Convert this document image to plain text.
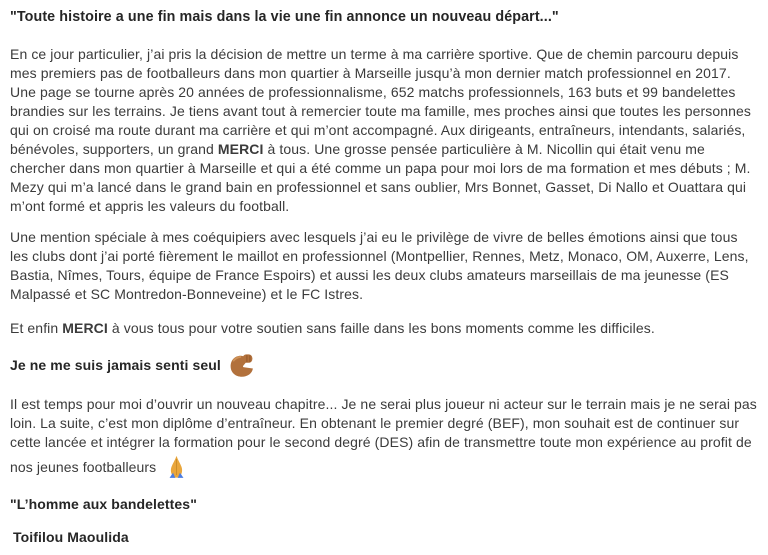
"Toute histoire a une fin mais dans la vie une fin annonce un nouveau départ..."

En ce jour particulier, j’ai pris la décision de mettre un terme à ma carrière sportive. Que de chemin parcouru depuis mes premiers pas de footballeurs dans mon quartier à Marseille jusqu’à mon dernier match professionnel en 2017. Une page se tourne après 20 années de professionnalisme, 652 matchs professionnels, 163 buts et 99 bandelettes brandies sur les terrains. Je tiens avant tout à remercier toute ma famille, mes proches ainsi que toutes les personnes qui on croisé ma route durant ma carrière et qui m’ont accompagné. Aux dirigeants, entraîneurs, intendants, salariés, bénévoles, supporters, un grand MERCI à tous. Une grosse pensée particulière à M. Nicollin qui était venu me chercher dans mon quartier à Marseille et qui a été comme un papa pour moi lors de ma formation et mes débuts ; M. Mezy qui m’a lancé dans le grand bain en professionnel et sans oublier, Mrs Bonnet, Gasset, Di Nallo et Ouattara qui m’ont formé et appris les valeurs du football.

Une mention spéciale à mes coéquipiers avec lesquels j’ai eu le privilège de vivre de belles émotions ainsi que tous les clubs dont j’ai porté fièrement le maillot en professionnel (Montpellier, Rennes, Metz, Monaco, OM, Auxerre, Lens, Bastia, Nîmes, Tours, équipe de France Espoirs) et aussi les deux clubs amateurs marseillais de ma jeunesse (ES Malpassé et SC Montredon-Bonneveine) et le FC Istres.

Et enfin MERCI à vous tous pour votre soutien sans faille dans les bons moments comme les difficiles.

Je ne me suis jamais senti seul

Il est temps pour moi d’ouvrir un nouveau chapitre... Je ne serai plus joueur ni acteur sur le terrain mais je ne serai pas loin. La suite, c’est mon diplôme d’entraîneur. En obtenant le premier degré (BEF), mon souhait est de continuer sur cette lancée et intégrer la formation pour le second degré (DES) afin de transmettre toute mon expérience au profit de nos jeunes footballeurs

"L’homme aux bandelettes"

Toifilou Maoulida
